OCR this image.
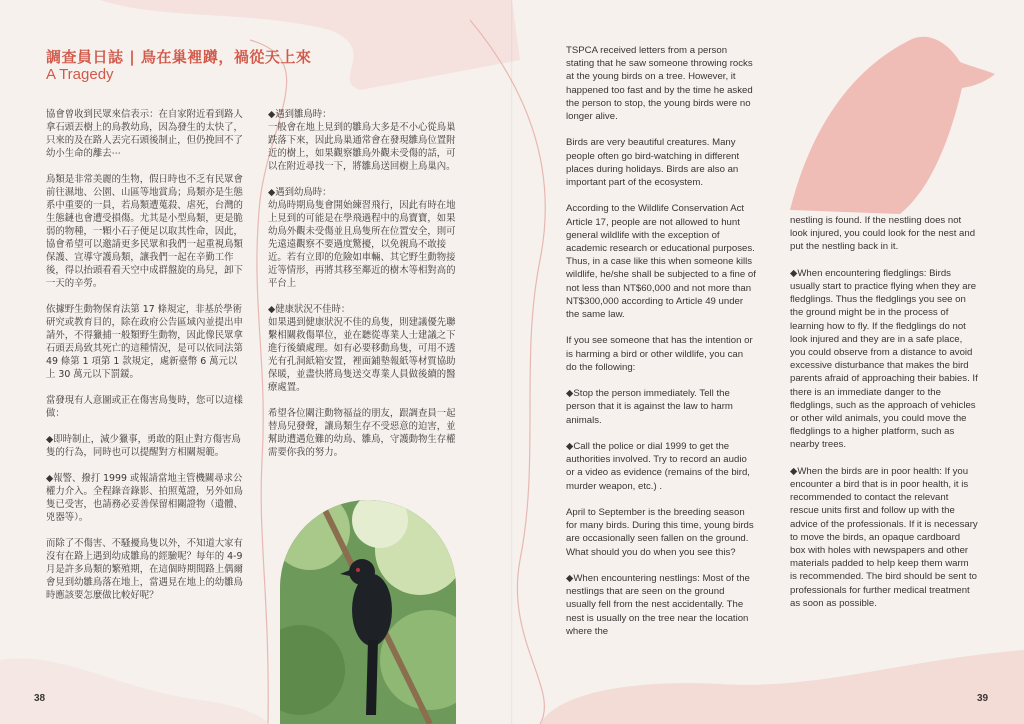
調查員日誌 | 鳥在巢裡蹲，禍從天上來
A Tragedy

協會曾收到民眾來信表示：在自家附近看到路人拿石頭丟樹上的鳥教幼鳥，因為發生的太快了，只來的及在路人丟完石頭後制止，但仍挽回不了幼小生命的離去⋯

鳥類是非常美麗的生物，假日時也不乏有民眾會前往濕地、公園、山區等地賞鳥；鳥類亦是生態系中重要的一員，若鳥類遭蒐殺、虐死，台灣的生態鏈也會遭受損傷。尤其是小型鳥類，更是脆弱的物種，一顆小石子便足以取其性命，因此，協會希望可以邀請更多民眾和我們一起重視鳥類保護、宣導守護鳥類，讓我們一起在辛勤工作後，得以抬頭看看天空中成群盤旋的鳥兒，卸下一天的辛勞。

依據野生動物保育法第 17 條規定，非基於學術研究或教育目的，除在政府公告區域內並提出申請外，不得獵捕一般類野生動物，因此像民眾拿石頭丟鳥致其死亡的這種情況，是可以依同法第 49 條第 1 項第 1 款規定，處新臺幣 6 萬元以上 30 萬元以下罰鍰。

當發現有人意圖或正在傷害鳥隻時，您可以這樣做：

◆即時制止，減少獵事，勇敢的阻止對方傷害鳥隻的行為，同時也可以提醒對方相關規範。

◆報警、撥打 1999 或報請當地主管機關尋求公權力介入。全程錄音錄影、拍照蒐證，另外如鳥隻已受害，也請務必妥善保留相關證物（遺體、兇器等）。

而除了不傷害、不騷擾鳥隻以外，不知道大家有沒有在路上遇到幼成雛鳥的經驗呢？每年的 4-9 月是許多鳥類的繁殖期，在這個時期間路上偶爾會見到幼雛鳥落在地上，當遇見在地上的幼雛鳥時應該要怎麼做比較好呢？

◆遇到雛鳥時：
一般會在地上見到的雛鳥大多是不小心從鳥巢跌落下來，因此鳥巢通常會在發現雛鳥位置附近的樹上，如果觀察雛鳥外觀未受傷的話，可以在附近尋找一下，將雛鳥送回樹上鳥巢內。

◆遇到幼鳥時：
幼鳥時期鳥隻會開始練習飛行，因此有時在地上見到的可能是在學飛過程中的鳥寶寶，如果幼鳥外觀未受傷並且鳥隻所在位置安全，則可先遠遠觀察不要過度驚擾，以免親鳥不敢接近。若有立即的危險如車輛、其它野生動物接近等情形，再將其移至鄰近的樹木等相對高的平台上

◆健康狀況不佳時：
如果遇到健康狀況不佳的鳥隻，則建議優先聯繫相關救傷單位，並在聽從專業人士建議之下進行後續處理。如有必要移動鳥隻，可用不透光有孔洞紙箱安置，裡面鋪墊報紙等材質協助保暖，並盡快將鳥隻送交專業人員做後續的醫療處置。

希望各位關注動物福益的朋友，跟調查員一起替鳥兒發聲，讓鳥類生存不受惡意的迫害，並幫助遭遇危難的幼鳥、雛鳥，守護動物生存權需要你我的努力。

38

TSPCA received letters from a person stating that he saw someone throwing rocks at the young birds on a tree. However, it happened too fast and by the time he asked the person to stop, the young birds were no longer alive.

Birds are very beautiful creatures. Many people often go bird-watching in different places during holidays. Birds are also an important part of the ecosystem.

According to the Wildlife Conservation Act Article 17, people are not allowed to hunt general wildlife with the exception of academic research or educational purposes. Thus, in a case like this when someone kills wildlife, he/she shall be subjected to a fine of not less than NT$60,000 and not more than NT$300,000 according to Article 49 under the same law.

If you see someone that has the intention or is harming a bird or other wildlife, you can do the following:

◆Stop the person immediately. Tell the person that it is against the law to harm animals.

◆Call the police or dial 1999 to get the authorities involved. Try to record an audio or a video as evidence (remains of the bird, murder weapon, etc.) .

April to September is the breeding season for many birds. During this time, young birds are occasionally seen fallen on the ground. What should you do when you see this?

◆When encountering nestlings: Most of the nestlings that are seen on the ground usually fell from the nest accidentally. The nest is usually on the tree near the location where the

nestling is found. If the nestling does not look injured, you could look for the nest and put the nestling back in it.

◆When encountering fledglings: Birds usually start to practice flying when they are fledglings. Thus the fledglings you see on the ground might be in the process of learning how to fly. If the fledglings do not look injured and they are in a safe place, you could observe from a distance to avoid excessive disturbance that makes the bird parents afraid of approaching their babies. If there is an immediate danger to the fledglings, such as the approach of vehicles or other wild animals, you could move the fledglings to a higher platform, such as nearby trees.

◆When the birds are in poor health: If you encounter a bird that is in poor health, it is recommended to contact the relevant rescue units first and follow up with the advice of the professionals. If it is necessary to move the birds, an opaque cardboard box with holes with newspapers and other materials padded to help keep them warm is recommended. The bird should be sent to professionals for further medical treatment as soon as possible.

39
